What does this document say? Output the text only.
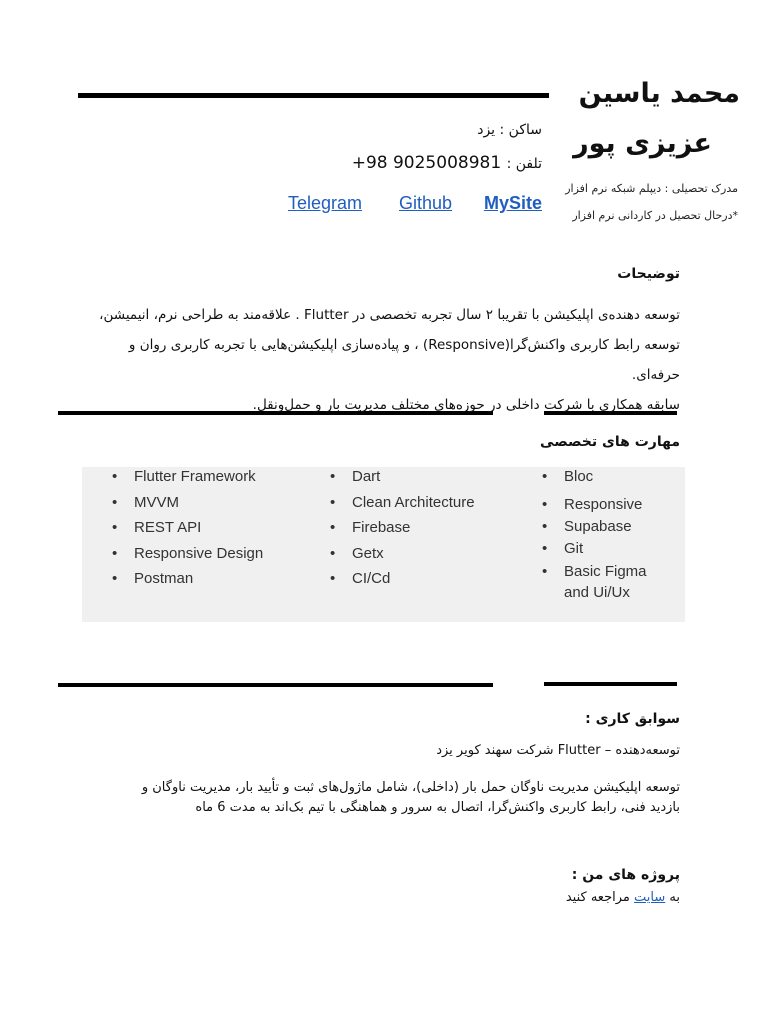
محمد یاسین
عزیزی پور
مدرک تحصیلی : دیپلم شبکه نرم افزار
*درحال تحصیل در کاردانی نرم افزار
ساکن : یزد
+98 9025008981 تلفن :
MySite
Github
Telegram
توضیحات
توسعه دهنده‌ی اپلیکیشن با تقریبا ۲ سال تجربه تخصصی در Flutter . علاقه‌مند به طراحی نرم، انیمیشن،
توسعه رابط کاربری واکنش‌گرا(Responsive) ، و پیاده‌سازی اپلیکیشن‌هایی با تجربه کاربری روان و حرفه‌ای.
سابقه همکاری با شرکت داخلی در حوزه‌های مختلف مدیریت بار و حمل‌ونقل.
مهارت های تخصصی
• Flutter Framework
• MVVM
• REST API
• Responsive Design
• Postman
• Dart
• Clean Architecture
• Firebase
• Getx
• CI/Cd
• Bloc
• Responsive
• Supabase
• Git
• Basic Figma and Ui/Ux
سوابق کاری :
توسعه‌دهنده – Flutter شرکت سهند کویر یزد
توسعه اپلیکیشن مدیریت ناوگان حمل بار (داخلی)، شامل ماژول‌های ثبت و تأیید بار، مدیریت ناوگان و
بازدید فنی، رابط کاربری واکنش‌گرا، اتصال به سرور و هماهنگی با تیم بک‌اند به مدت 6 ماه
پروژه های من :
به سایت مراجعه کنید
